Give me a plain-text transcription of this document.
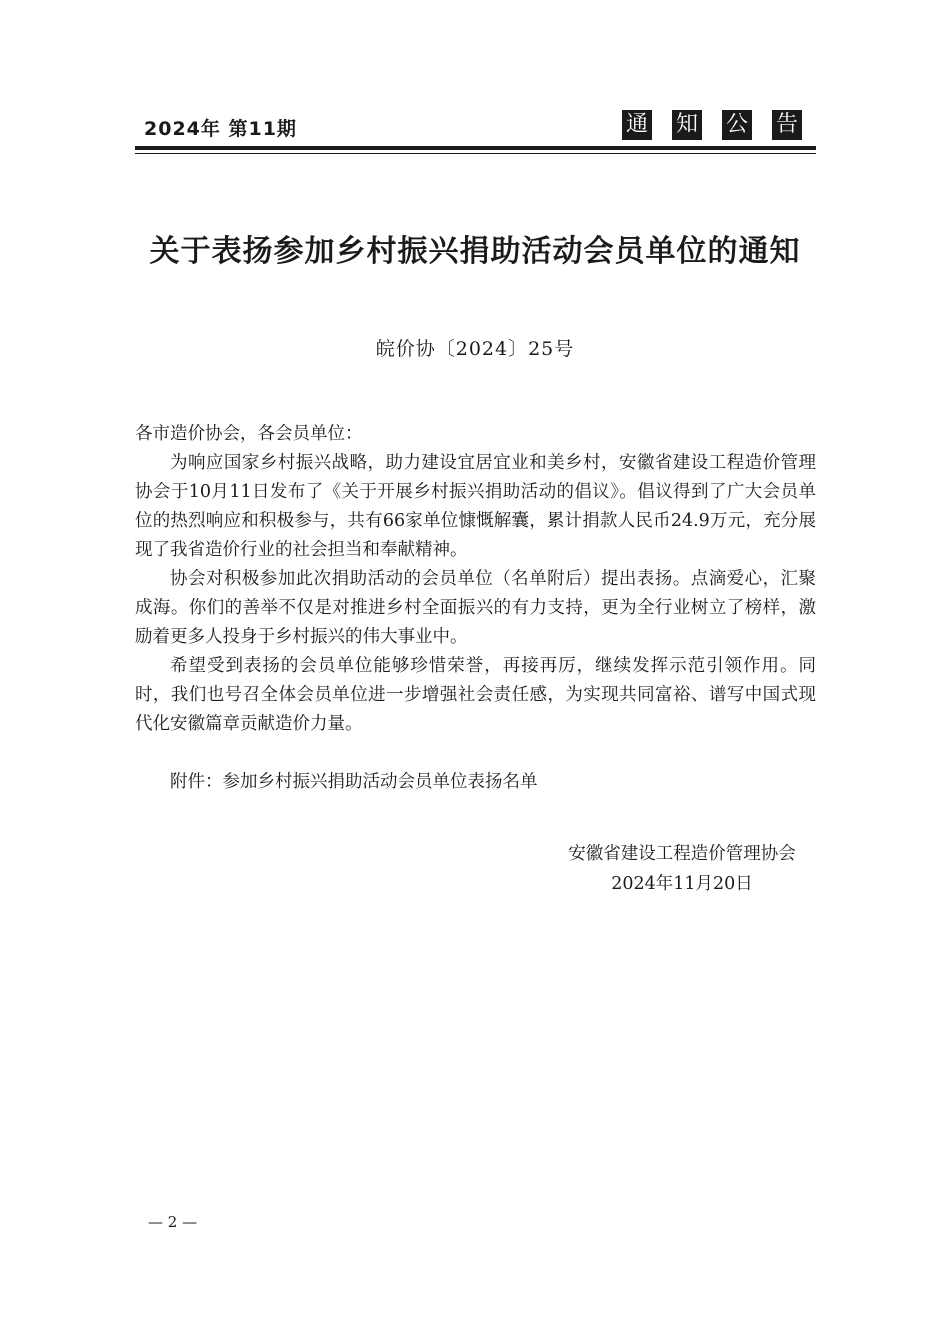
2024年 第11期	通 知 公 告
关于表扬参加乡村振兴捐助活动会员单位的通知
皖价协〔2024〕25号

各市造价协会，各会员单位：

为响应国家乡村振兴战略，助力建设宜居宜业和美乡村，安徽省建设工程造价管理协会于10月11日发布了《关于开展乡村振兴捐助活动的倡议》。倡议得到了广大会员单位的热烈响应和积极参与，共有66家单位慷慨解囊，累计捐款人民币24.9万元，充分展现了我省造价行业的社会担当和奉献精神。

协会对积极参加此次捐助活动的会员单位（名单附后）提出表扬。点滴爱心，汇聚成海。你们的善举不仅是对推进乡村全面振兴的有力支持，更为全行业树立了榜样，激励着更多人投身于乡村振兴的伟大事业中。

希望受到表扬的会员单位能够珍惜荣誉，再接再厉，继续发挥示范引领作用。同时，我们也号召全体会员单位进一步增强社会责任感，为实现共同富裕、谱写中国式现代化安徽篇章贡献造价力量。

附件：参加乡村振兴捐助活动会员单位表扬名单

安徽省建设工程造价管理协会
2024年11月20日
— 2 —
